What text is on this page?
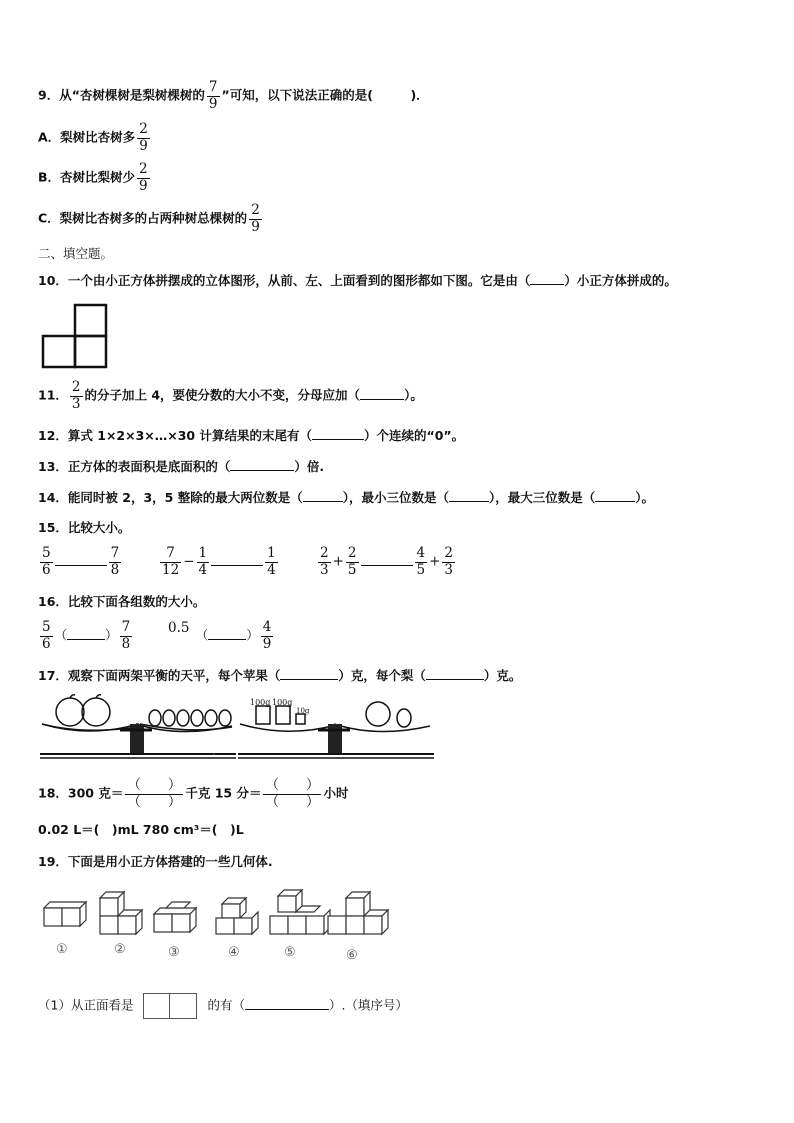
9．从“杏树棵树是梨树棵树的 $\frac{7}{9}$ ”可知，以下说法正确的是(　　　)．
A．梨树比杏树多 $\frac{2}{9}$
B．杏树比梨树少 $\frac{2}{9}$
C．梨树比杏树多的占两种树总棵树的 $\frac{2}{9}$
二、填空题。
10．一个由小正方体拼摆成的立体图形，从前、左、上面看到的图形都如下图。它是由（	）小正方体拼成的。
11． $\frac{2}{3}$ 的分子加上 4，要使分数的大小不变，分母应加（	）。
12．算式 1×2×3×…×30 计算结果的末尾有（	）个连续的“0”。
13．正方体的表面积是底面积的（	）倍.
14．能同时被 2，3，5 整除的最大两位数是（	），最小三位数是（	），最大三位数是（	）。
15．比较大小。
$\frac{5}{6}$	$\frac{7}{8}$	$\frac{7}{12} - \frac{1}{4}$	$\frac{1}{4}$	$\frac{2}{3} + \frac{2}{5}$	$\frac{4}{5} + \frac{2}{3}$
16．比较下面各组数的大小。
$\frac{5}{6}$ （	） $\frac{7}{8}$	0.5　 （	） $\frac{4}{9}$
17．观察下面两架平衡的天平，每个苹果（	）克，每个梨（	）克。
.
100g 100g
10g
18．300 克＝ $\frac{( )}{( )}$ 千克 15 分＝ $\frac{( )}{( )}$ 小时
0.02 L＝(　)mL 780 cm³＝(　)L
19．下面是用小正方体搭建的一些几何体.
①	②	③	④	⑤	⑥
（1）从正面看是	的有（	）.（填序号）
